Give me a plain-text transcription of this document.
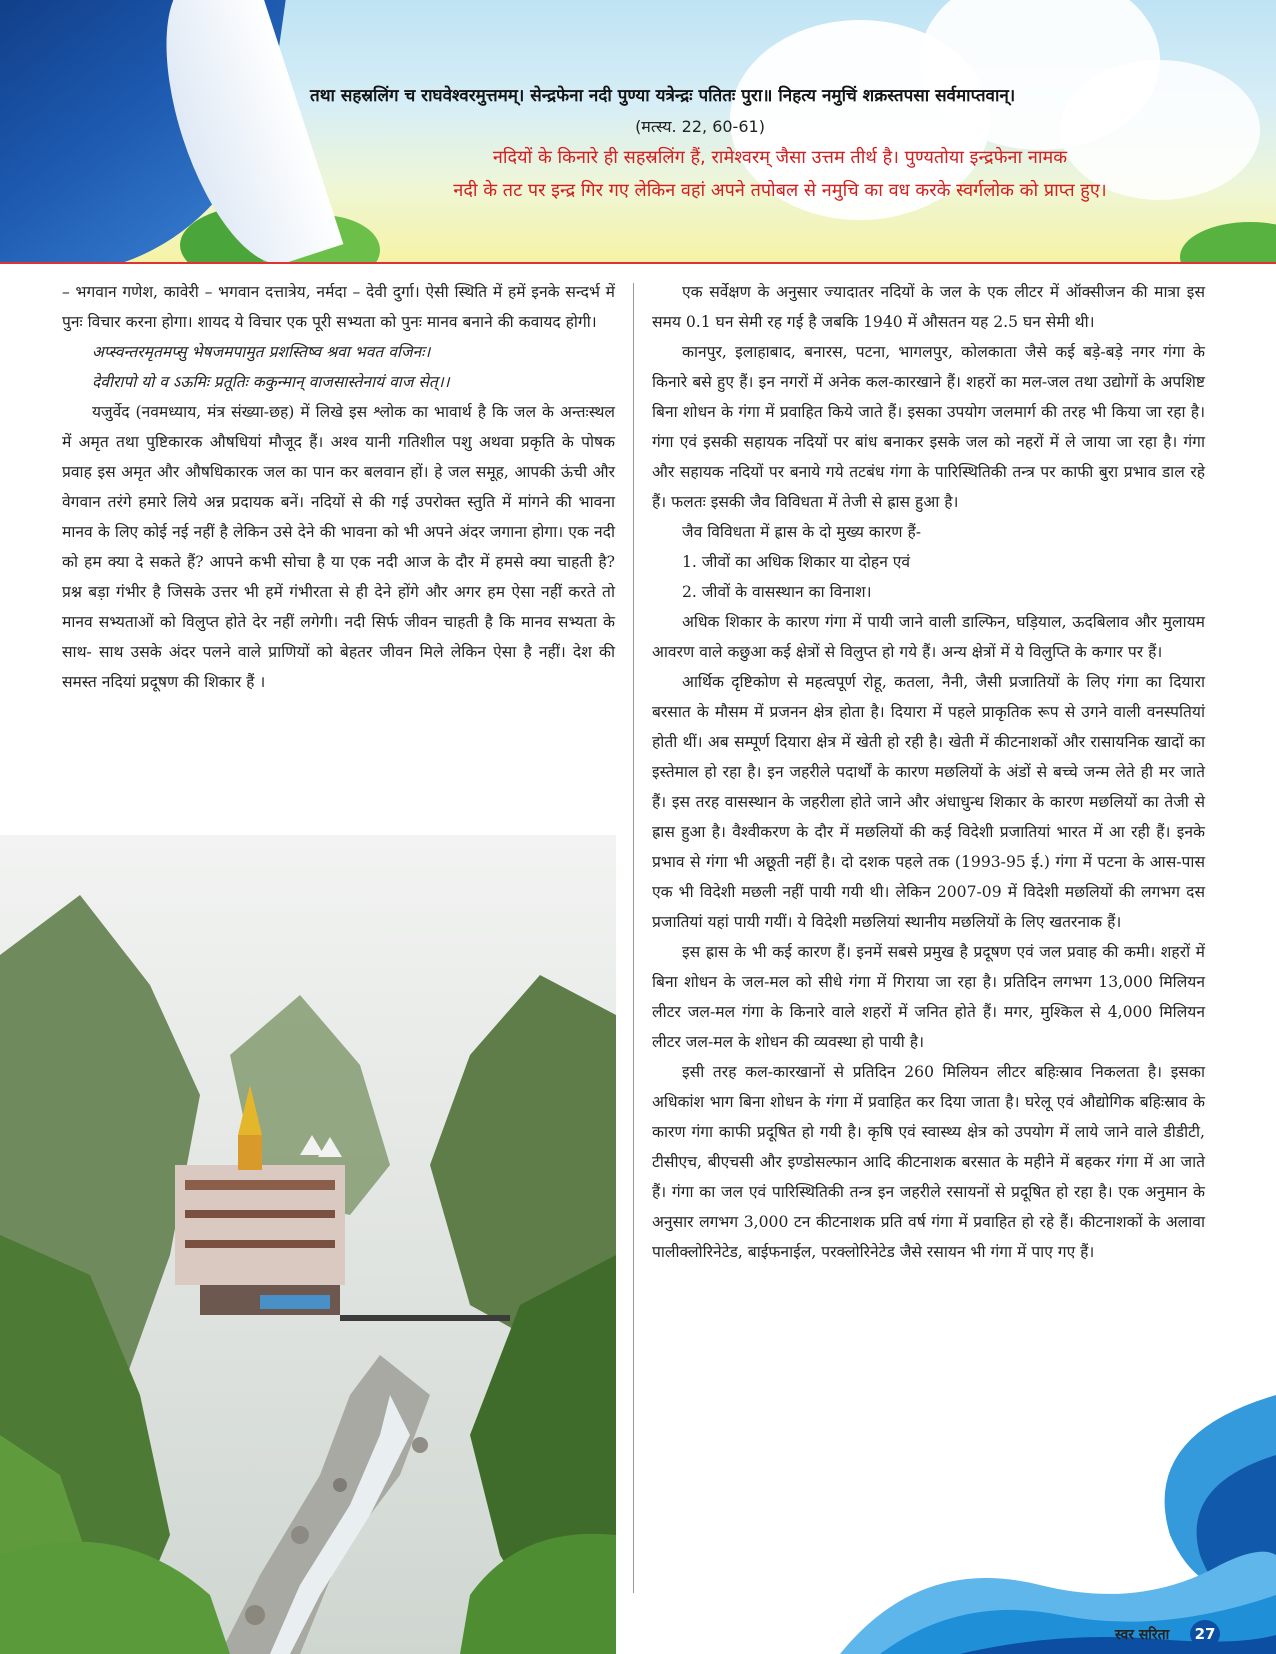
तथा सहस्रलिंग च राघवेश्वरमुत्तमम्। सेन्द्रफेना नदी पुण्या यत्रेन्द्रः पतितः पुरा॥ निहत्य नमुचिं शक्रस्तपसा सर्वमाप्तवान्।
(मत्स्य. 22, 60-61)
नदियों के किनारे ही सहस्रलिंग हैं, रामेश्वरम् जैसा उत्तम तीर्थ है। पुण्यतोया इन्द्रफेना नामक
नदी के तट पर इन्द्र गिर गए लेकिन वहां अपने तपोबल से नमुचि का वध करके स्वर्गलोक को प्राप्त हुए।

– भगवान गणेश, कावेरी – भगवान दत्तात्रेय, नर्मदा – देवी दुर्गा। ऐसी स्थिति में हमें इनके सन्दर्भ में पुनः विचार करना होगा। शायद ये विचार एक पूरी सभ्यता को पुनः मानव बनाने की कवायद होगी।

अप्स्वन्तरमृतमप्सु भेषजमपामुत प्रशस्तिष्व श्रवा भवत वजिनः।

देवीरापो यो व ऽऊमिः प्रतूतिः ककुन्मान् वाजसास्तेनायं वाज सेत्।।

यजुर्वेद (नवमध्याय, मंत्र संख्या-छह) में लिखे इस श्लोक का भावार्थ है कि जल के अन्तःस्थल में अमृत तथा पुष्टिकारक औषधियां मौजूद हैं। अश्व यानी गतिशील पशु अथवा प्रकृति के पोषक प्रवाह इस अमृत और औषधिकारक जल का पान कर बलवान हों। हे जल समूह, आपकी ऊंची और वेगवान तरंगे हमारे लिये अन्न प्रदायक बनें। नदियों से की गई उपरोक्त स्तुति में मांगने की भावना मानव के लिए कोई नई नहीं है लेकिन उसे देने की भावना को भी अपने अंदर जगाना होगा। एक नदी को हम क्या दे सकते हैं? आपने कभी सोचा है या एक नदी आज के दौर में हमसे क्या चाहती है? प्रश्न बड़ा गंभीर है जिसके उत्तर भी हमें गंभीरता से ही देने होंगे और अगर हम ऐसा नहीं करते तो मानव सभ्यताओं को विलुप्त होते देर नहीं लगेगी। नदी सिर्फ जीवन चाहती है कि मानव सभ्यता के साथ- साथ उसके अंदर पलने वाले प्राणियों को बेहतर जीवन मिले लेकिन ऐसा है नहीं। देश की समस्त नदियां प्रदूषण की शिकार हैं ।

एक सर्वेक्षण के अनुसार ज्यादातर नदियों के जल के एक लीटर में ऑक्सीजन की मात्रा इस समय 0.1 घन सेमी रह गई है जबकि 1940 में औसतन यह 2.5 घन सेमी थी।

कानपुर, इलाहाबाद, बनारस, पटना, भागलपुर, कोलकाता जैसे कई बड़े-बड़े नगर गंगा के किनारे बसे हुए हैं। इन नगरों में अनेक कल-कारखाने हैं। शहरों का मल-जल तथा उद्योगों के अपशिष्ट बिना शोधन के गंगा में प्रवाहित किये जाते हैं। इसका उपयोग जलमार्ग की तरह भी किया जा रहा है। गंगा एवं इसकी सहायक नदियों पर बांध बनाकर इसके जल को नहरों में ले जाया जा रहा है। गंगा और सहायक नदियों पर बनाये गये तटबंध गंगा के पारिस्थितिकी तन्त्र पर काफी बुरा प्रभाव डाल रहे हैं। फलतः इसकी जैव विविधता में तेजी से ह्रास हुआ है।

जैव विविधता में ह्रास के दो मुख्य कारण हैं-

1. जीवों का अधिक शिकार या दोहन एवं

2. जीवों के वासस्थान का विनाश।

अधिक शिकार के कारण गंगा में पायी जाने वाली डाल्फिन, घड़ियाल, ऊदबिलाव और मुलायम आवरण वाले कछुआ कई क्षेत्रों से विलुप्त हो गये हैं। अन्य क्षेत्रों में ये विलुप्ति के कगार पर हैं।

आर्थिक दृष्टिकोण से महत्वपूर्ण रोहू, कतला, नैनी, जैसी प्रजातियों के लिए गंगा का दियारा बरसात के मौसम में प्रजनन क्षेत्र होता है। दियारा में पहले प्राकृतिक रूप से उगने वाली वनस्पतियां होती थीं। अब सम्पूर्ण दियारा क्षेत्र में खेती हो रही है। खेती में कीटनाशकों और रासायनिक खादों का इस्तेमाल हो रहा है। इन जहरीले पदार्थों के कारण मछलियों के अंडों से बच्चे जन्म लेते ही मर जाते हैं। इस तरह वासस्थान के जहरीला होते जाने और अंधाधुन्ध शिकार के कारण मछलियों का तेजी से ह्रास हुआ है। वैश्वीकरण के दौर में मछलियों की कई विदेशी प्रजातियां भारत में आ रही हैं। इनके प्रभाव से गंगा भी अछूती नहीं है। दो दशक पहले तक (1993-95 ई.) गंगा में पटना के आस-पास एक भी विदेशी मछली नहीं पायी गयी थी। लेकिन 2007-09 में विदेशी मछलियों की लगभग दस प्रजातियां यहां पायी गयीं। ये विदेशी मछलियां स्थानीय मछलियों के लिए खतरनाक हैं।

इस ह्रास के भी कई कारण हैं। इनमें सबसे प्रमुख है प्रदूषण एवं जल प्रवाह की कमी। शहरों में बिना शोधन के जल-मल को सीधे गंगा में गिराया जा रहा है। प्रतिदिन लगभग 13,000 मिलियन लीटर जल-मल गंगा के किनारे वाले शहरों में जनित होते हैं। मगर, मुश्किल से 4,000 मिलियन लीटर जल-मल के शोधन की व्यवस्था हो पायी है।

इसी तरह कल-कारखानों से प्रतिदिन 260 मिलियन लीटर बहिःस्राव निकलता है। इसका अधिकांश भाग बिना शोधन के गंगा में प्रवाहित कर दिया जाता है। घरेलू एवं औद्योगिक बहिःस्राव के कारण गंगा काफी प्रदूषित हो गयी है। कृषि एवं स्वास्थ्य क्षेत्र को उपयोग में लाये जाने वाले डीडीटी, टीसीएच, बीएचसी और इण्डोसल्फान आदि कीटनाशक बरसात के महीने में बहकर गंगा में आ जाते हैं। गंगा का जल एवं पारिस्थितिकी तन्त्र इन जहरीले रसायनों से प्रदूषित हो रहा है। एक अनुमान के अनुसार लगभग 3,000 टन कीटनाशक प्रति वर्ष गंगा में प्रवाहित हो रहे हैं। कीटनाशकों के अलावा पालीक्लोरिनेटेड, बाईफनाईल, परक्लोरिनेटेड जैसे रसायन भी गंगा में पाए गए हैं।

स्वर सरिता	27
